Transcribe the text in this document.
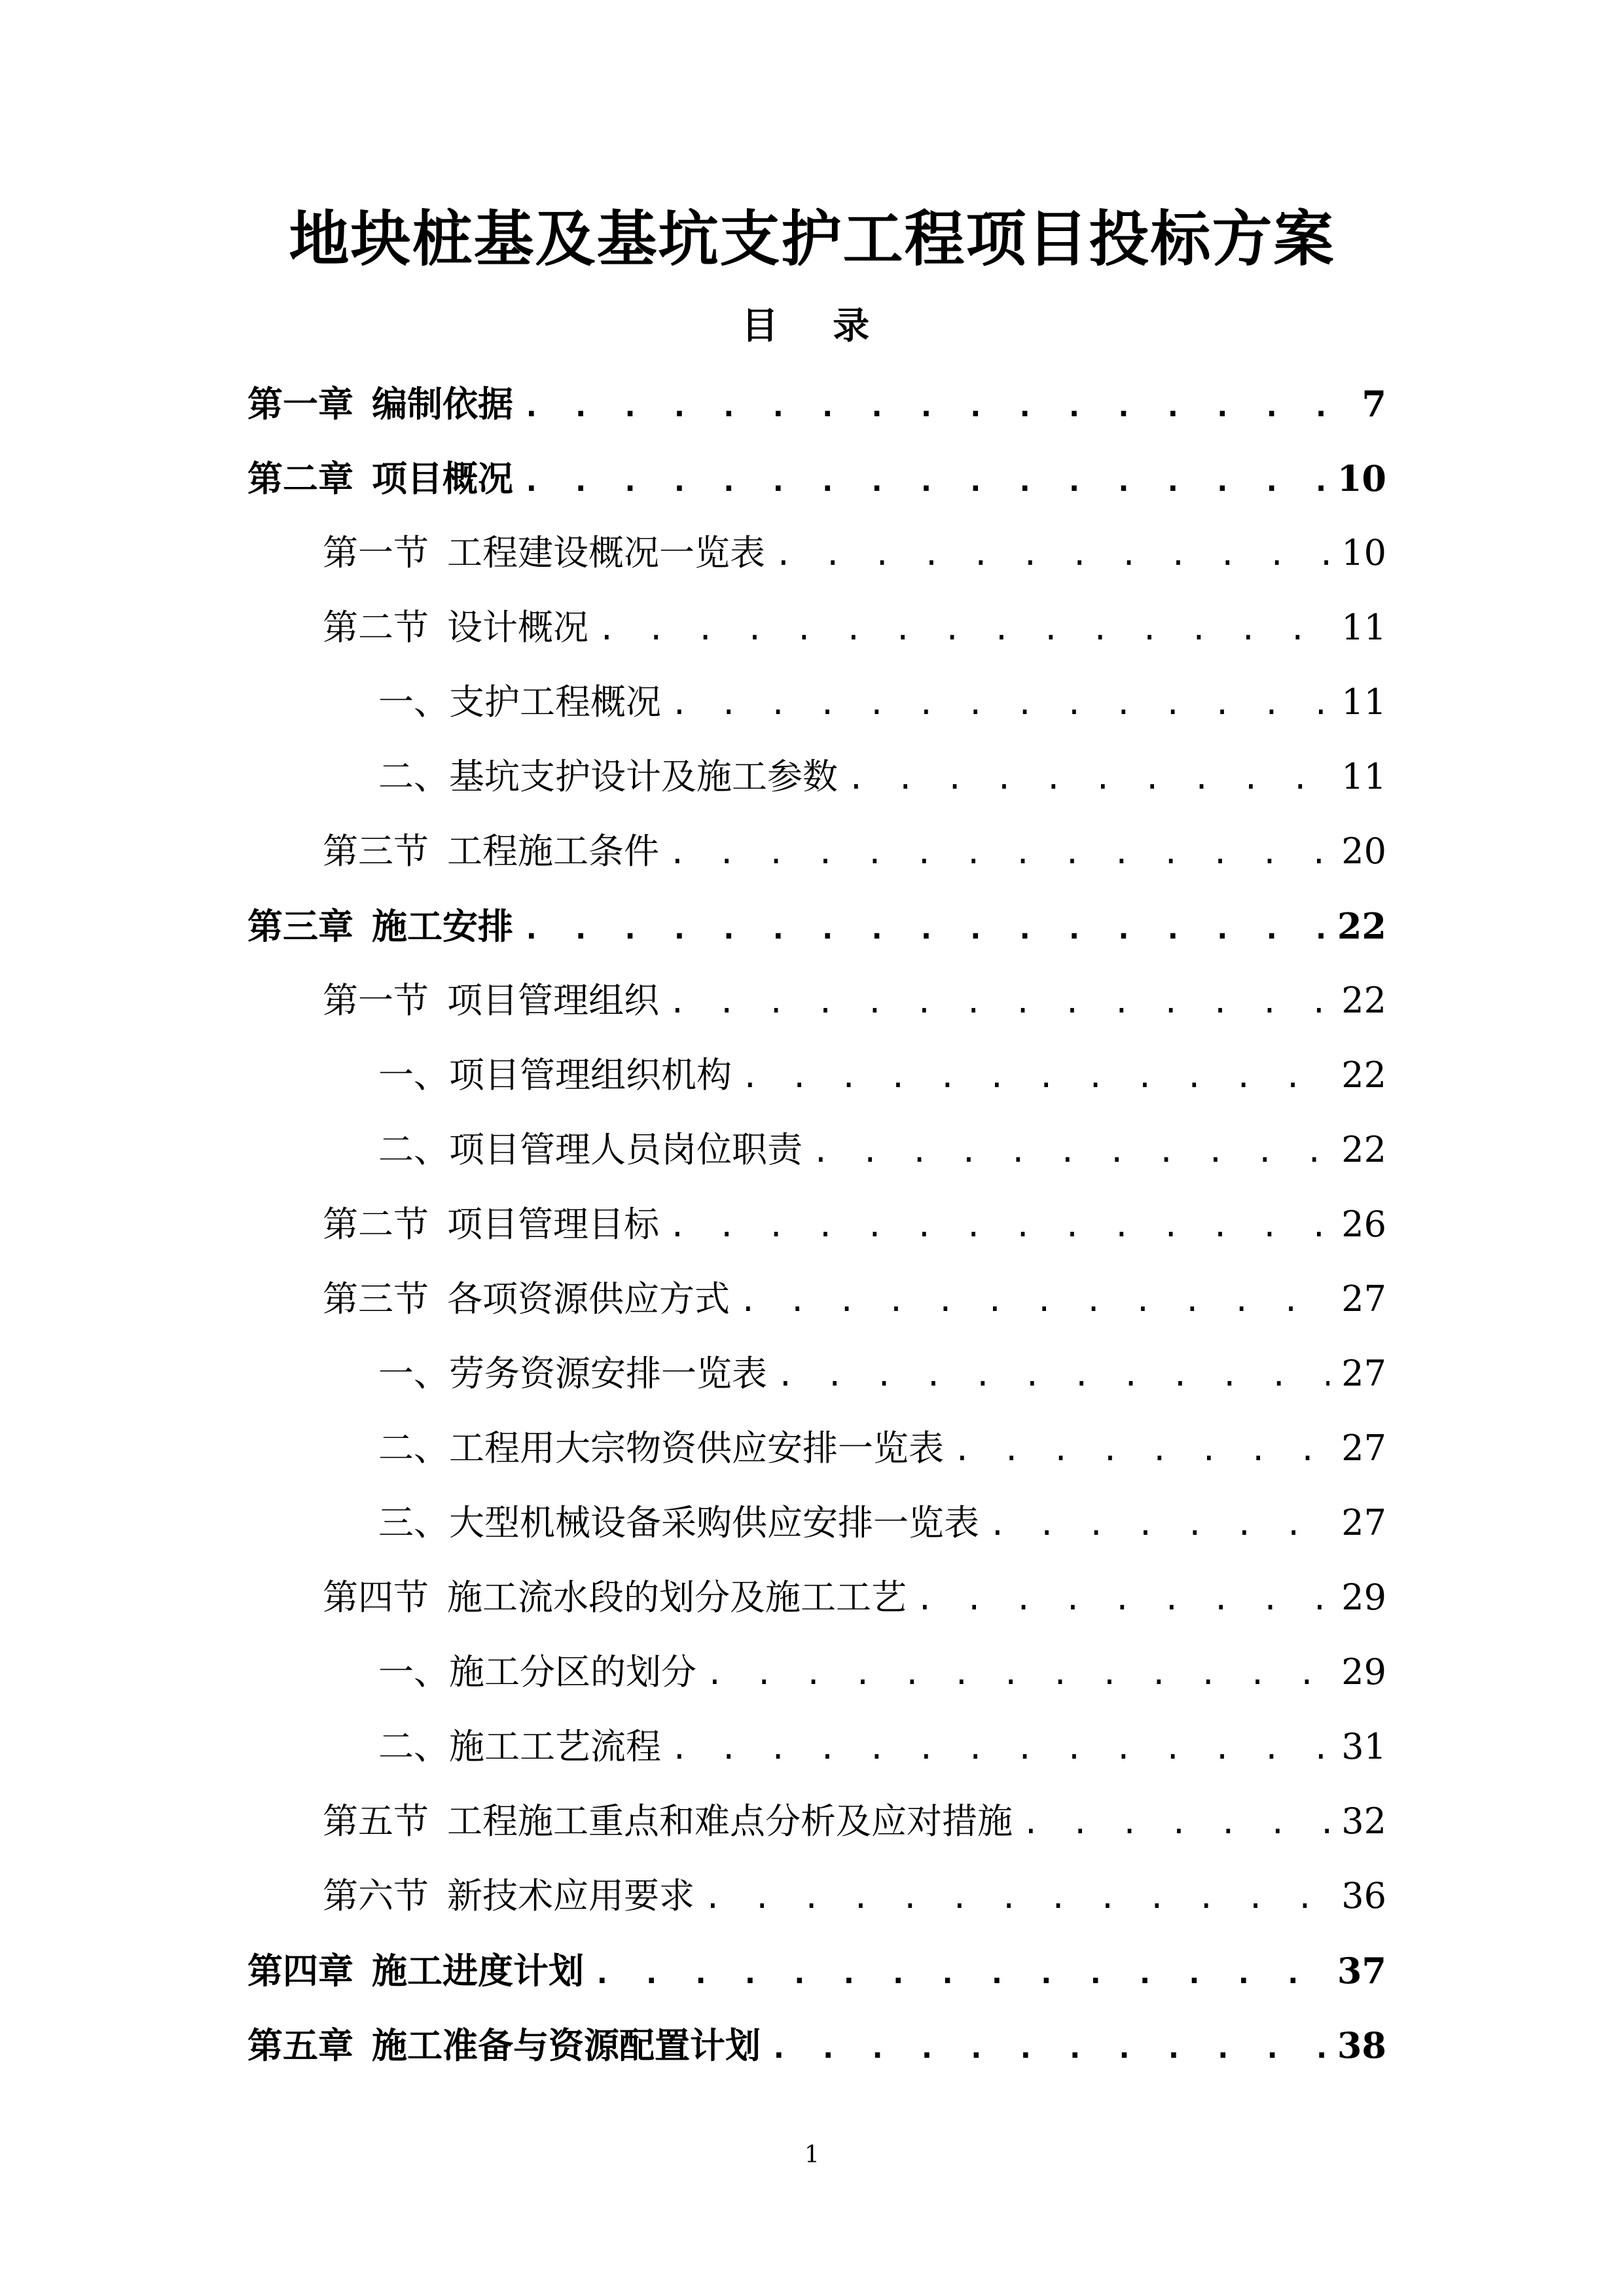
地块桩基及基坑支护工程项目投标方案
目 录
第一章 编制依据 . . .	7
第二章 项目概况 . . .	10
第一节 工程建设概况一览表 . . .	10
第二节 设计概况 . . .	11
一、支护工程概况 . . .	11
二、基坑支护设计及施工参数 . . .	11
第三节 工程施工条件 . . .	20
第三章 施工安排 . . .	22
第一节 项目管理组织 . . .	22
一、项目管理组织机构 . . .	22
二、项目管理人员岗位职责 . . .	22
第二节 项目管理目标 . . .	26
第三节 各项资源供应方式 . . .	27
一、劳务资源安排一览表 . . .	27
二、工程用大宗物资供应安排一览表 . . .	27
三、大型机械设备采购供应安排一览表 . . .	27
第四节 施工流水段的划分及施工工艺 . . .	29
一、施工分区的划分 . . .	29
二、施工工艺流程 . . .	31
第五节 工程施工重点和难点分析及应对措施 . . .	32
第六节 新技术应用要求 . . .	36
第四章 施工进度计划 . . .	37
第五章 施工准备与资源配置计划 . . .	38
1
